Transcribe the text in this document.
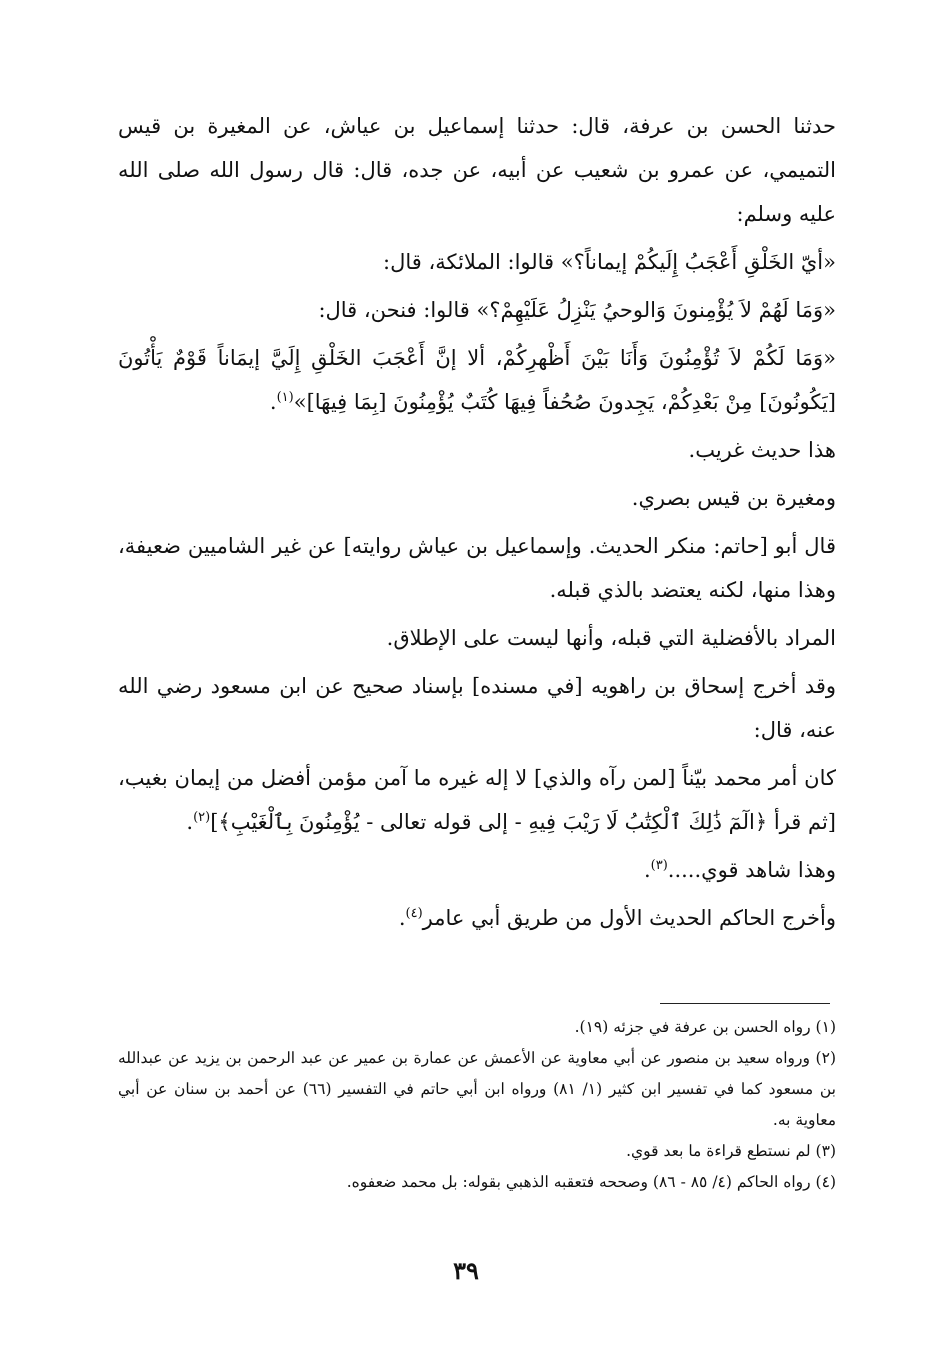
حدثنا الحسن بن عرفة، قال: حدثنا إسماعيل بن عياش، عن المغيرة بن قيس التميمي، عن عمرو بن شعيب عن أبيه، عن جده، قال: قال رسول الله صلى الله عليه وسلم:

«أيّ الخَلْقِ أَعْجَبُ إِلَيكُمْ إيماناً؟» قالوا: الملائكة، قال:

«وَمَا لَهُمْ لاَ يُؤْمِنونَ وَالوحيُ يَنْزِلُ عَلَيْهِمْ؟» قالوا: فنحن، قال:

«وَمَا لَكُمْ لاَ تُؤْمِنُونَ وَأَنَا بَيْنَ أَظْهرِكُمْ، ألا إنَّ أَعْجَبَ الخَلْقِ إِلَيَّ إيمَاناً قَوْمٌ يَأْتُونَ [يَكُونُونَ] مِنْ بَعْدِكُمْ، يَجِدونَ صُحُفاً فِيهَا كُتَبٌ يُؤْمِنُونَ [بِمَا فِيهَا]»$^{(١)}$.

هذا حديث غريب.

ومغيرة بن قيس بصري.

قال أبو [حاتم: منكر الحديث. وإسماعيل بن عياش روايته] عن غير الشاميين ضعيفة، وهذا منها، لكنه يعتضد بالذي قبله.

المراد بالأفضلية التي قبله، وأنها ليست على الإطلاق.

وقد أخرج إسحاق بن راهويه [في مسنده] بإسناد صحيح عن ابن مسعود رضي الله عنه، قال:

كان أمر محمد بيّناً [لمن رآه والذي] لا إله غيره ما آمن مؤمن أفضل من إيمان بغيب، [ثم قرأ ﴿الٓمٓ ذَٰلِكَ ٱلْكِتَٰبُ لَا رَيْبَ فِيهِ - إلى قوله تعالى - يُؤْمِنُونَ بِٱلْغَيْبِ﴾]$^{(٢)}$.

وهذا شاهد قوي.....$^{(٣)}$.

وأخرج الحاكم الحديث الأول من طريق أبي عامر$^{(٤)}$.

(١) رواه الحسن بن عرفة في جزئه (١٩).

(٢) ورواه سعيد بن منصور عن أبي معاوية عن الأعمش عن عمارة بن عمير عن عبد الرحمن بن يزيد عن عبدالله بن مسعود كما في تفسير ابن كثير (١/ ٨١) ورواه ابن أبي حاتم في التفسير (٦٦) عن أحمد بن سنان عن أبي معاوية به.

(٣) لم نستطع قراءة ما بعد قوي.

(٤) رواه الحاكم (٤/ ٨٥ - ٨٦) وصححه فتعقبه الذهبي بقوله: بل محمد ضعفوه.

٣٩
